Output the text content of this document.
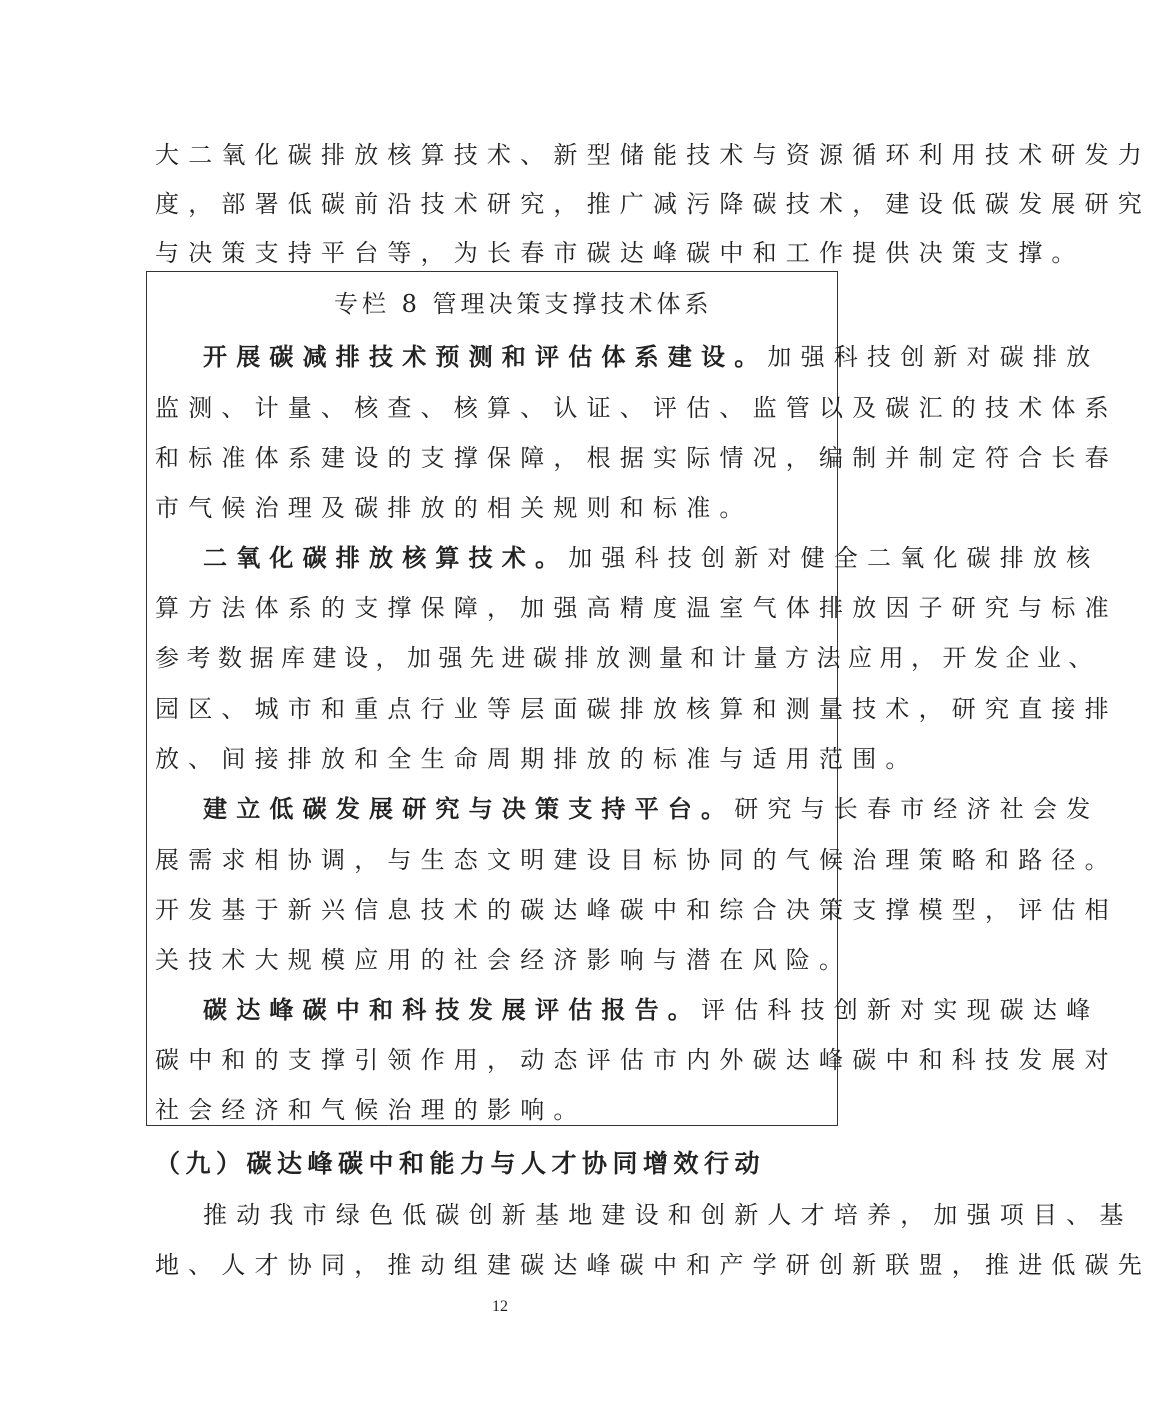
大二氧化碳排放核算技术、新型储能技术与资源循环利用技术研发力
度，部署低碳前沿技术研究，推广减污降碳技术，建设低碳发展研究
与决策支持平台等，为长春市碳达峰碳中和工作提供决策支撑。
专栏 8 管理决策支撑技术体系
开展碳减排技术预测和评估体系建设。加强科技创新对碳排放
监测、计量、核查、核算、认证、评估、监管以及碳汇的技术体系
和标准体系建设的支撑保障，根据实际情况，编制并制定符合长春
市气候治理及碳排放的相关规则和标准。
二氧化碳排放核算技术。加强科技创新对健全二氧化碳排放核
算方法体系的支撑保障，加强高精度温室气体排放因子研究与标准
参考数据库建设，加强先进碳排放测量和计量方法应用，开发企业、
园区、城市和重点行业等层面碳排放核算和测量技术，研究直接排
放、间接排放和全生命周期排放的标准与适用范围。
建立低碳发展研究与决策支持平台。研究与长春市经济社会发
展需求相协调，与生态文明建设目标协同的气候治理策略和路径。
开发基于新兴信息技术的碳达峰碳中和综合决策支撑模型，评估相
关技术大规模应用的社会经济影响与潜在风险。
碳达峰碳中和科技发展评估报告。评估科技创新对实现碳达峰
碳中和的支撑引领作用，动态评估市内外碳达峰碳中和科技发展对
社会经济和气候治理的影响。
（九）碳达峰碳中和能力与人才协同增效行动
推动我市绿色低碳创新基地建设和创新人才培养，加强项目、基
地、人才协同，推动组建碳达峰碳中和产学研创新联盟，推进低碳先
12
